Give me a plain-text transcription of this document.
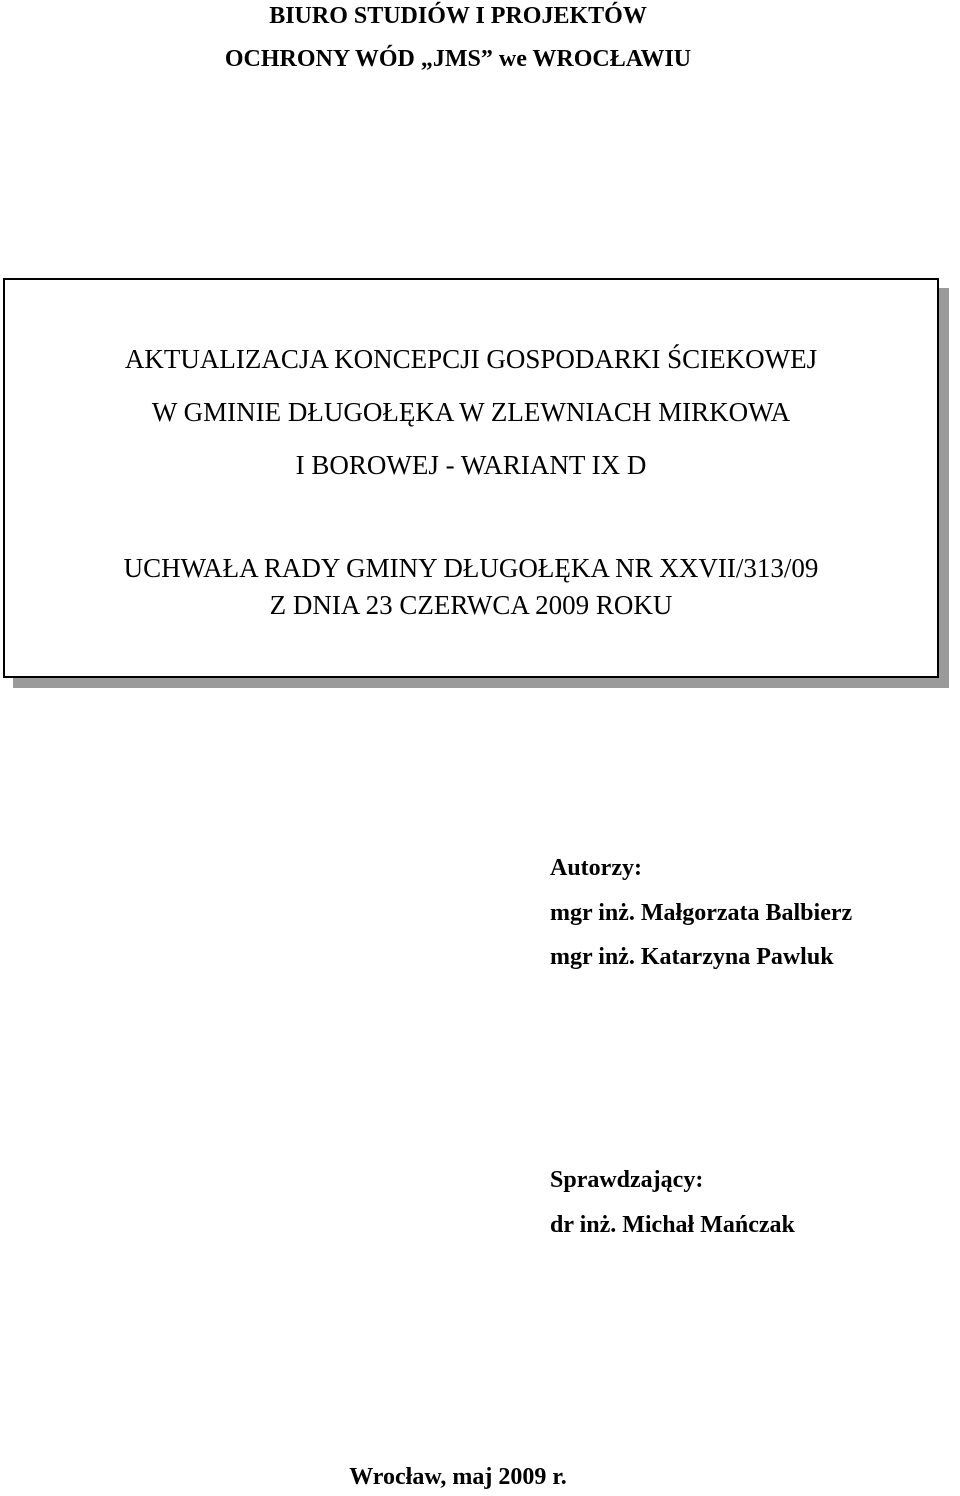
BIURO STUDIÓW I PROJEKTÓW
OCHRONY WÓD „JMS” we WROCŁAWIU
AKTUALIZACJA KONCEPCJI GOSPODARKI ŚCIEKOWEJ
W GMINIE DŁUGOŁĘKA W ZLEWNIACH MIRKOWA
I BOROWEJ - WARIANT IX D
UCHWAŁA RADY GMINY DŁUGOŁĘKA NR XXVII/313/09
Z DNIA 23 CZERWCA 2009 ROKU
Autorzy:
mgr inż. Małgorzata Balbierz
mgr inż. Katarzyna Pawluk
Sprawdzający:
dr inż. Michał Mańczak
Wrocław, maj 2009 r.
